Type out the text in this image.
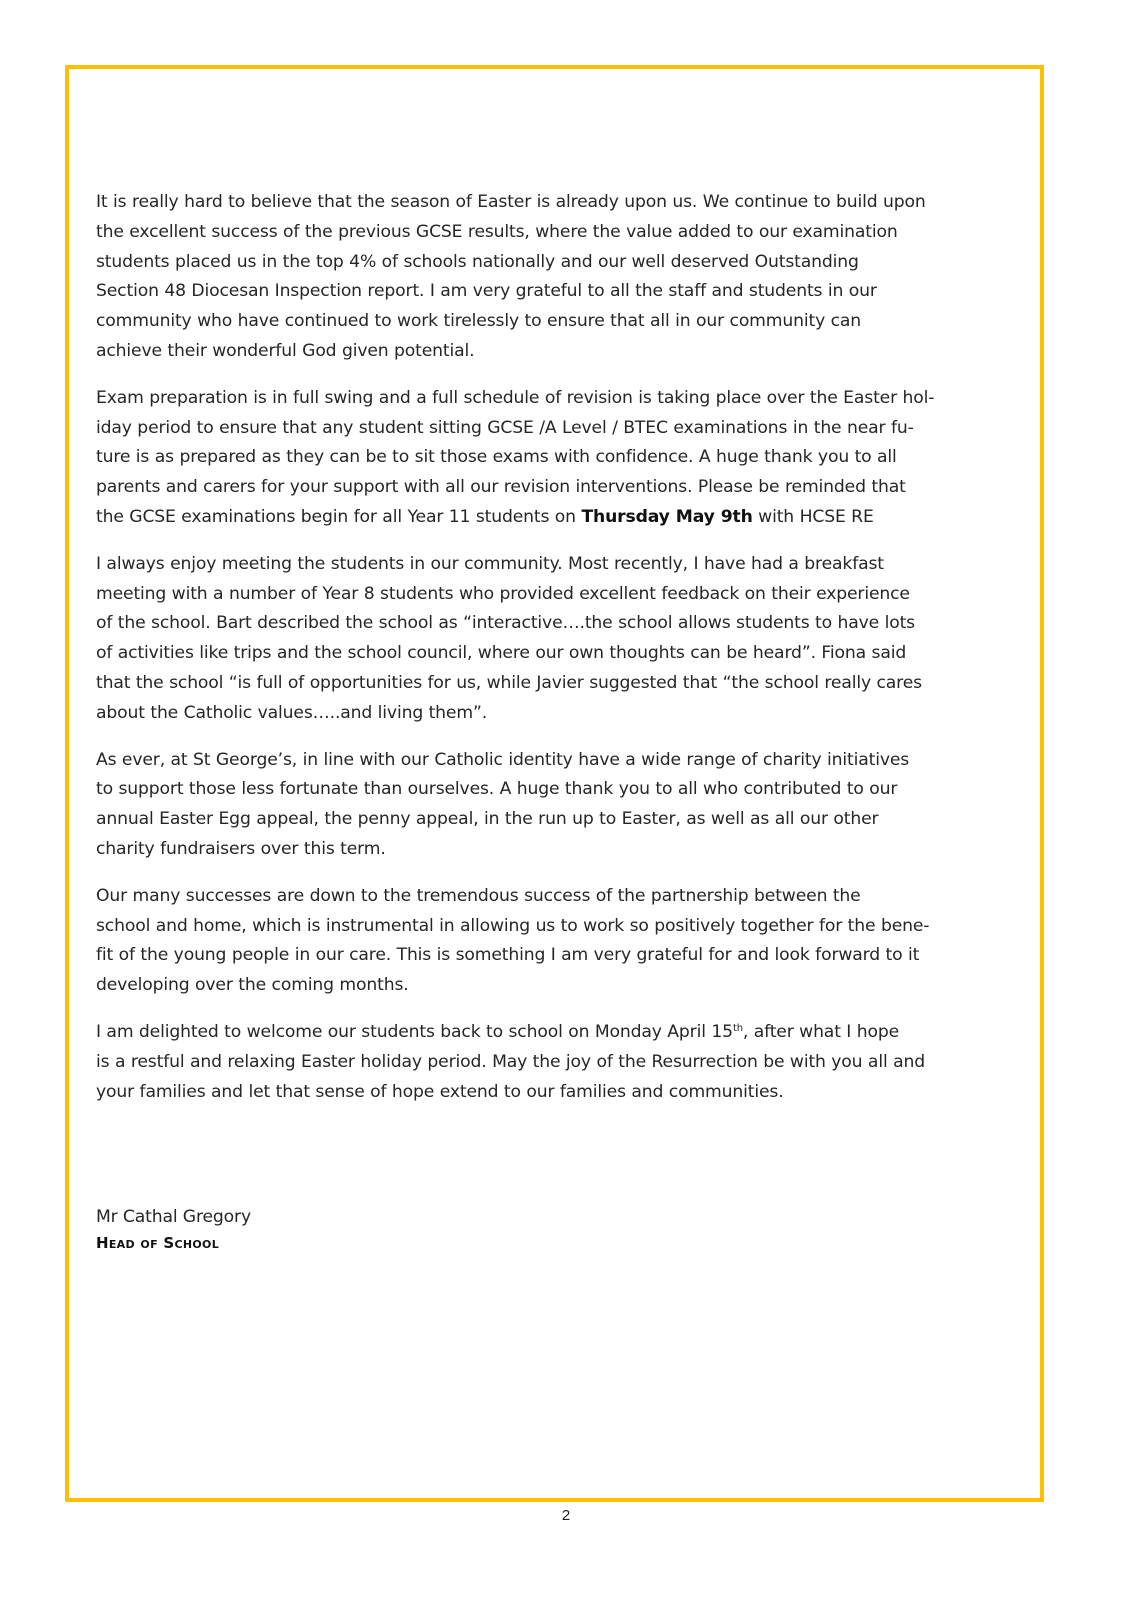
It is really hard to believe that the season of Easter is already upon us. We continue to build upon
the excellent success of the previous GCSE results, where the value added to our examination
students placed us in the top 4% of schools nationally and our well deserved Outstanding
Section 48 Diocesan Inspection report. I am very grateful to all the staff and students in our
community who have continued to work tirelessly to ensure that all in our community can
achieve their wonderful God given potential.

Exam preparation is in full swing and a full schedule of revision is taking place over the Easter hol-
iday period to ensure that any student sitting GCSE /A Level / BTEC examinations in the near fu-
ture is as prepared as they can be to sit those exams with confidence. A huge thank you to all
parents and carers for your support with all our revision interventions. Please be reminded that
the GCSE examinations begin for all Year 11 students on Thursday May 9th with HCSE RE

I always enjoy meeting the students in our community. Most recently, I have had a breakfast
meeting with a number of Year 8 students who provided excellent feedback on their experience
of the school. Bart described the school as “interactive….the school allows students to have lots
of activities like trips and the school council, where our own thoughts can be heard”. Fiona said
that the school “is full of opportunities for us, while Javier suggested that “the school really cares
about the Catholic values…..and living them”.

As ever, at St George’s, in line with our Catholic identity have a wide range of charity initiatives
to support those less fortunate than ourselves. A huge thank you to all who contributed to our
annual Easter Egg appeal, the penny appeal, in the run up to Easter, as well as all our other
charity fundraisers over this term.

Our many successes are down to the tremendous success of the partnership between the
school and home, which is instrumental in allowing us to work so positively together for the bene-
fit of the young people in our care. This is something I am very grateful for and look forward to it
developing over the coming months.

I am delighted to welcome our students back to school on Monday April 15th, after what I hope
is a restful and relaxing Easter holiday period. May the joy of the Resurrection be with you all and
your families and let that sense of hope extend to our families and communities.

Mr Cathal Gregory
Head of School
2
